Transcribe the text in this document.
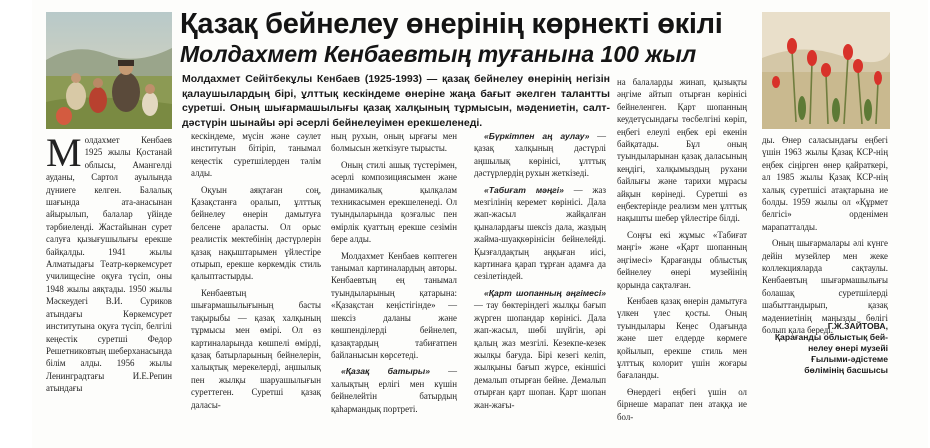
Қазақ бейнелеу өнерінің көрнекті өкілі
Молдахмет Кенбаевтың туғанына 100 жыл
Молдахмет Сейітбекұлы Кенбаев (1925-1993) — қазақ бейнелеу өнерінің негізін қалаушылардың бірі, ұлттық кескіндеме өнеріне жаңа бағыт әкелген талантты суретші. Оның шығармашылығы қазақ халқының тұрмысын, мәдениетін, салт-дәстүрін шынайы әрі әсерлі бейнелеуімен ерекшеленеді.

Молдахмет Кенбаев 1925 жылы Қостанай облысы, Амангелді ауданы, Сартол ауылында дүниеге келген. Балалық шағында ата-анасынан айырылып, балалар үйінде тәрбиеленді. Жастайынан сурет салуға қызығушылығы ерекше байқалды. 1941 жылы Алматыдағы Театр-көркемсурет училищесіне оқуға түсіп, оны 1948 жылы аяқтады. 1950 жылы Мәскеудегі В.И. Суриков атындағы Көркемсурет институтына оқуға түсіп, белгілі кеңестік суретші Федор Решетниковтың шеберханасында білім алды. 1956 жылы Ленинградтағы И.Е.Репин атындағы

кескіндеме, мүсін және сәулет институтын бітіріп, танымал кеңестік суретшілерден тәлім алды.

Оқуын аяқтаған соң, Қазақстанға оралып, ұлттық бейнелеу өнерін дамытуға белсене араласты. Ол орыс реалистік мектебінің дәстүрлерін қазақ нақыштарымен үйлестіре отырып, ерекше көркемдік стиль қалыптастырды.

Кенбаевтың шығармашылығының басты тақырыбы — қазақ халқының тұрмысы мен өмірі. Ол өз картиналарында көшпелі өмірді, қазақ батырларының бейнелерін, халықтық мерекелерді, аңшылық пен жылқы шаруашылығын суреттеген. Суретші қазақ даласы-

ның рухын, оның ырғағы мен болмысын жеткізуге тырысты.

Оның стилі ашық түстерімен, әсерлі композициясымен және динамикалық қылқалам техникасымен ерекшеленеді. Ол туындыларында қозғалыс пен өмірлік қуаттың ерекше сезімін бере алды.

Молдахмет Кенбаев көптеген танымал картиналардың авторы. Кенбаевтың ең танымал туындыларының қатарына: «Қазақстан кеңістігінде» — шексіз даланы және көшпенділерді бейнелеп, қазақтардың табиғатпен байланысын көрсетеді.

«Қазақ батыры» — халықтың ерлігі мен күшін бейнелейтін батырдың қаһармандық портреті.

«Бүркітпен аң аулау» — қазақ халқының дәстүрлі аңшылық көрінісі, ұлттық дәстүрлердің рухын жеткізеді.

«Табиғат мәңгі» — жаз мезгілінің керемет көрінісі. Дала жап-жасыл жайқалған қыналардағы шексіз дала, жаздың жайма-шуақкөрінісін бейнелейді. Қызғалдақтың аңқыған иісі, картинаға қарап тұрған адамға да сезілетіндей.

«Қарт шопанның әңгімесі» — тау бөктеріндегі жылқы бағып жүрген шопандар көрінісі. Дала жап-жасыл, шөбі шүйгін, әрі қалың жаз мезгілі. Кезекпе-кезек жылқы бағуда. Бірі кезегі келіп, жылқыны бағып жүрсе, екіншісі демалып отырған бейне. Демалып отырған қарт шопан. Қарт шопан жан-жағы-

на балаларды жинап, қызықты әңгіме айтып отырған көрінісі бейнеленген. Қарт шопанның кеудетүсындағы төсбелгіні көріп, еңбегі елеулі еңбек ері екенін байқатады. Бұл оның туындыларынан қазақ даласының кеңдігі, халқымыздың рухани байлығы және тарихи мұрасы айқын көрінеді. Суретші өз еңбектерінде реализм мен ұлттық нақышты шебер үйлестіре білді.

Соңғы екі жұмыс «Табиғат мәңгі» және «Қарт шопанның әңгімесі» Қарағанды облыстық бейнелеу өнері музейінің қорында сақталған.

Кенбаев қазақ өнерін дамытуға үлкен үлес қосты. Оның туындылары Кеңес Одағында және шет елдерде көрмеге қойылып, ерекше стиль мен ұлттық колорит үшін жоғары бағаланды.

Өнердегі еңбегі үшін ол бірнеше марапат пен атаққа ие бол-

ды. Өнер саласындағы еңбегі үшін 1963 жылы Қазақ КСР-нің еңбек сіңірген өнер қайраткері, ал 1985 жылы Қазақ КСР-нің халық суретшісі атақтарына ие болды. 1959 жылы ол «Құрмет белгісі» орденімен марапатталды.

Оның шығармалары әлі күнге дейін музейлер мен жеке коллекцияларда сақтаулы. Кенбаевтың шығармашылығы болашақ суретшілерді шабыттандырып, қазақ мәдениетінің маңызды бөлігі болып қала береді.

Г.Ж.ЗАЙТОВА,
Қарағанды облыстық бей-
нелеу өнері музейі
Ғылыми-әдістеме
бөлімінің басшысы
